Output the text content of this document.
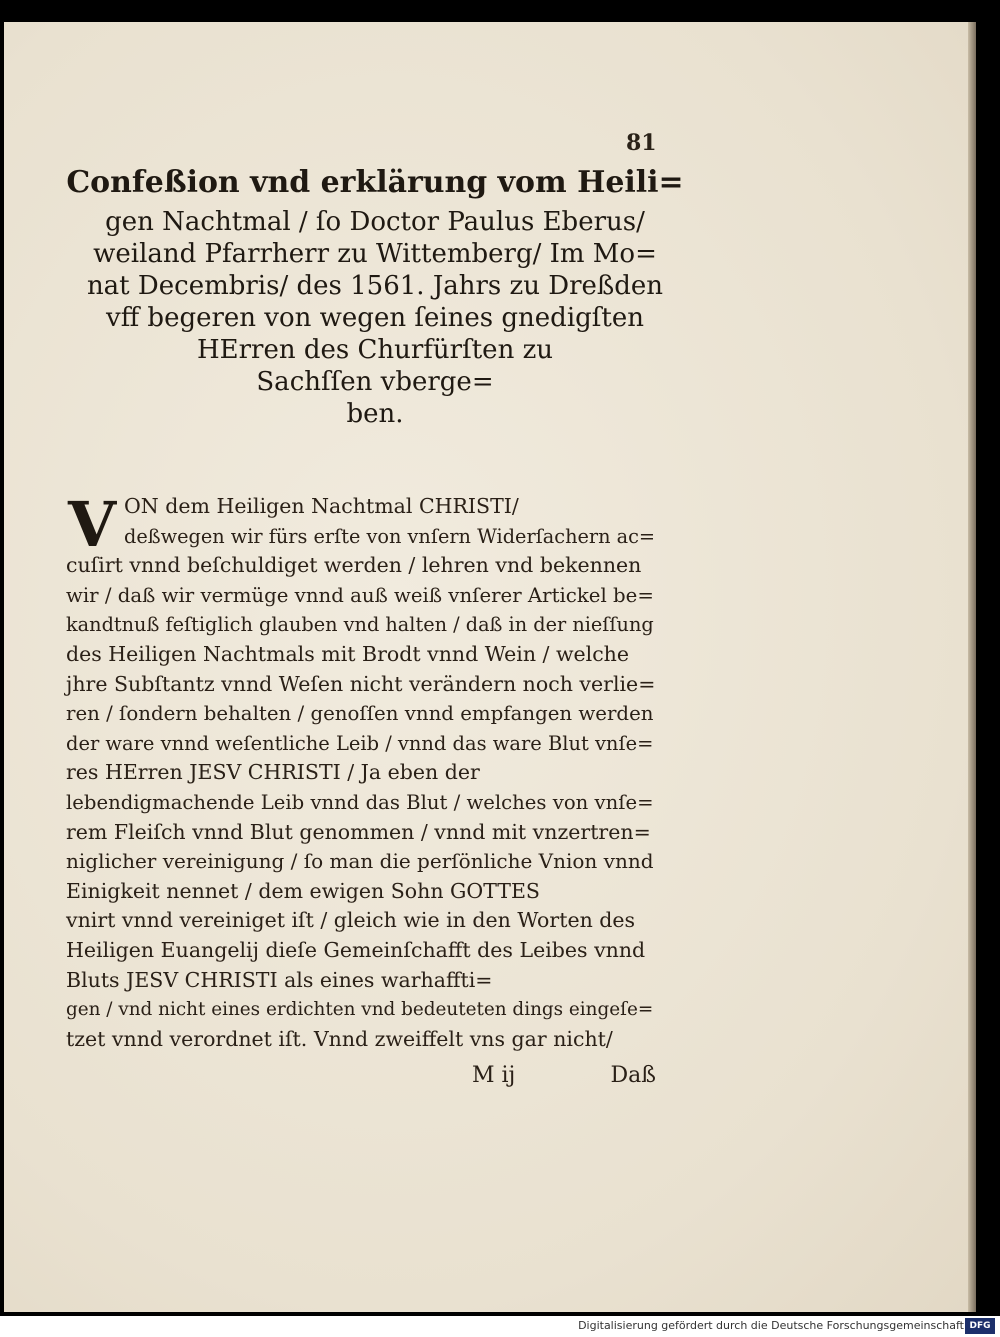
81
Confeßion vnd erklärung vom Heili=
gen Nachtmal / ſo Doctor Paulus Eberus/
weiland Pfarrherr zu Wittemberg/ Im Mo=
nat Decembris/ des 1561. Jahrs zu Dreßden
vff begeren von wegen ſeines gnedigſten
HErren des Churfürſten zu
Sachſſen vberge=
ben.
V ON dem Heiligen Nachtmal CHRISTI/
deßwegen wir fürs erſte von vnſern Widerſachern ac=
cuſirt vnnd beſchuldiget werden / lehren vnd bekennen
wir / daß wir vermüge vnnd auß weiß vnſerer Artickel be=
kandtnuß feſtiglich glauben vnd halten / daß in der nieſſung
des Heiligen Nachtmals mit Brodt vnnd Wein / welche
jhre Subſtantz vnnd Weſen nicht verändern noch verlie=
ren / ſondern behalten / genoſſen vnnd empfangen werden
der ware vnnd weſentliche Leib / vnnd das ware Blut vnſe=
res HErren JESV CHRISTI / Ja eben der
lebendigmachende Leib vnnd das Blut / welches von vnſe=
rem Fleiſch vnnd Blut genommen / vnnd mit vnzertren=
niglicher vereinigung / ſo man die perſönliche Vnion vnnd
Einigkeit nennet / dem ewigen Sohn GOTTES
vnirt vnnd vereiniget iſt / gleich wie in den Worten des
Heiligen Euangelij dieſe Gemeinſchafft des Leibes vnnd
Bluts JESV CHRISTI als eines warhaffti=
gen / vnd nicht eines erdichten vnd bedeuteten dings eingeſe=
tzet vnnd verordnet iſt. Vnnd zweiffelt vns gar nicht/
M ij	Daß
Digitalisierung gefördert durch die Deutsche Forschungsgemeinschaft DFG
